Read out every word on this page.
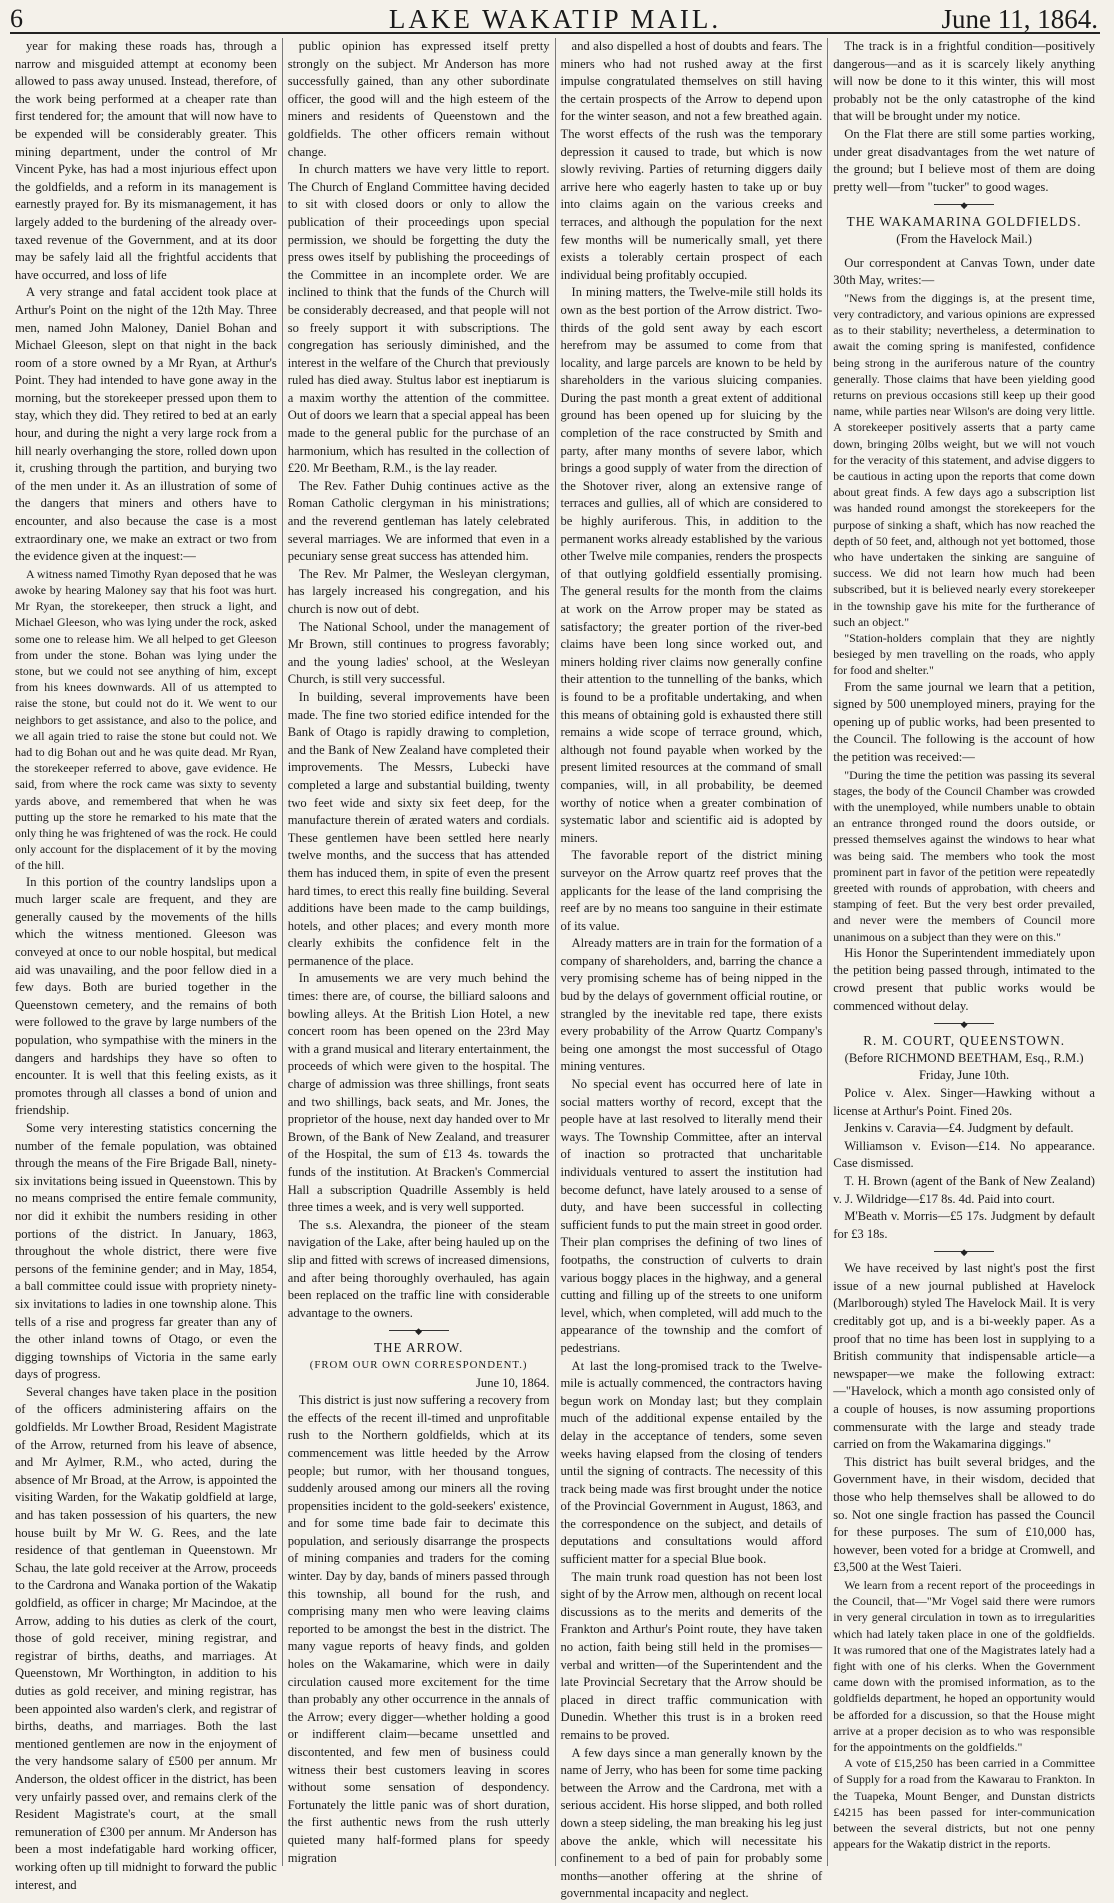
6	LAKE WAKATIP MAIL.	June 11, 1864.

year for making these roads has, through a narrow and misguided attempt at economy been allowed to pass away unused. Instead, therefore, of the work being performed at a cheaper rate than first tendered for; the amount that will now have to be expended will be considerably greater. This mining department, under the control of Mr Vincent Pyke, has had a most injurious effect upon the goldfields, and a reform in its management is earnestly prayed for. By its mismanagement, it has largely added to the burdening of the already over-taxed revenue of the Government, and at its door may be safely laid all the frightful accidents that have occurred, and loss of life

A very strange and fatal accident took place at Arthur's Point on the night of the 12th May. Three men, named John Maloney, Daniel Bohan and Michael Gleeson, slept on that night in the back room of a store owned by a Mr Ryan, at Arthur's Point. They had intended to have gone away in the morning, but the storekeeper pressed upon them to stay, which they did. They retired to bed at an early hour, and during the night a very large rock from a hill nearly overhanging the store, rolled down upon it, crushing through the partition, and burying two of the men under it. As an illustration of some of the dangers that miners and others have to encounter, and also because the case is a most extraordinary one, we make an extract or two from the evidence given at the inquest:—

A witness named Timothy Ryan deposed that he was awoke by hearing Maloney say that his foot was hurt. Mr Ryan, the storekeeper, then struck a light, and Michael Gleeson, who was lying under the rock, asked some one to release him. We all helped to get Gleeson from under the stone. Bohan was lying under the stone, but we could not see anything of him, except from his knees downwards. All of us attempted to raise the stone, but could not do it. We went to our neighbors to get assistance, and also to the police, and we all again tried to raise the stone but could not. We had to dig Bohan out and he was quite dead. Mr Ryan, the storekeeper referred to above, gave evidence. He said, from where the rock came was sixty to seventy yards above, and remembered that when he was putting up the store he remarked to his mate that the only thing he was frightened of was the rock. He could only account for the displacement of it by the moving of the hill.

In this portion of the country landslips upon a much larger scale are frequent, and they are generally caused by the movements of the hills which the witness mentioned. Gleeson was conveyed at once to our noble hospital, but medical aid was unavailing, and the poor fellow died in a few days. Both are buried together in the Queenstown cemetery, and the remains of both were followed to the grave by large numbers of the population, who sympathise with the miners in the dangers and hardships they have so often to encounter. It is well that this feeling exists, as it promotes through all classes a bond of union and friendship.

Some very interesting statistics concerning the number of the female population, was obtained through the means of the Fire Brigade Ball, ninety-six invitations being issued in Queenstown. This by no means comprised the entire female community, nor did it exhibit the numbers residing in other portions of the district. In January, 1863, throughout the whole district, there were five persons of the feminine gender; and in May, 1854, a ball committee could issue with propriety ninety-six invitations to ladies in one township alone. This tells of a rise and progress far greater than any of the other inland towns of Otago, or even the digging townships of Victoria in the same early days of progress.

Several changes have taken place in the position of the officers administering affairs on the goldfields. Mr Lowther Broad, Resident Magistrate of the Arrow, returned from his leave of absence, and Mr Aylmer, R.M., who acted, during the absence of Mr Broad, at the Arrow, is appointed the visiting Warden, for the Wakatip goldfield at large, and has taken possession of his quarters, the new house built by Mr W. G. Rees, and the late residence of that gentleman in Queenstown. Mr Schau, the late gold receiver at the Arrow, proceeds to the Cardrona and Wanaka portion of the Wakatip goldfield, as officer in charge; Mr Macindoe, at the Arrow, adding to his duties as clerk of the court, those of gold receiver, mining registrar, and registrar of births, deaths, and marriages. At Queenstown, Mr Worthington, in addition to his duties as gold receiver, and mining registrar, has been appointed also warden's clerk, and registrar of births, deaths, and marriages. Both the last mentioned gentlemen are now in the enjoyment of the very handsome salary of £500 per annum. Mr Anderson, the oldest officer in the district, has been very unfairly passed over, and remains clerk of the Resident Magistrate's court, at the small remuneration of £300 per annum. Mr Anderson has been a most indefatigable hard working officer, working often up till midnight to forward the public interest, and

public opinion has expressed itself pretty strongly on the subject. Mr Anderson has more successfully gained, than any other subordinate officer, the good will and the high esteem of the miners and residents of Queenstown and the goldfields. The other officers remain without change.

In church matters we have very little to report. The Church of England Committee having decided to sit with closed doors or only to allow the publication of their proceedings upon special permission, we should be forgetting the duty the press owes itself by publishing the proceedings of the Committee in an incomplete order. We are inclined to think that the funds of the Church will be considerably decreased, and that people will not so freely support it with subscriptions. The congregation has seriously diminished, and the interest in the welfare of the Church that previously ruled has died away. Stultus labor est ineptiarum is a maxim worthy the attention of the committee. Out of doors we learn that a special appeal has been made to the general public for the purchase of an harmonium, which has resulted in the collection of £20. Mr Beetham, R.M., is the lay reader.

The Rev. Father Duhig continues active as the Roman Catholic clergyman in his ministrations; and the reverend gentleman has lately celebrated several marriages. We are informed that even in a pecuniary sense great success has attended him.

The Rev. Mr Palmer, the Wesleyan clergyman, has largely increased his congregation, and his church is now out of debt.

The National School, under the management of Mr Brown, still continues to progress favorably; and the young ladies' school, at the Wesleyan Church, is still very successful.

In building, several improvements have been made. The fine two storied edifice intended for the Bank of Otago is rapidly drawing to completion, and the Bank of New Zealand have completed their improvements. The Messrs, Lubecki have completed a large and substantial building, twenty two feet wide and sixty six feet deep, for the manufacture therein of ærated waters and cordials. These gentlemen have been settled here nearly twelve months, and the success that has attended them has induced them, in spite of even the present hard times, to erect this really fine building. Several additions have been made to the camp buildings, hotels, and other places; and every month more clearly exhibits the confidence felt in the permanence of the place.

In amusements we are very much behind the times: there are, of course, the billiard saloons and bowling alleys. At the British Lion Hotel, a new concert room has been opened on the 23rd May with a grand musical and literary entertainment, the proceeds of which were given to the hospital. The charge of admission was three shillings, front seats and two shillings, back seats, and Mr. Jones, the proprietor of the house, next day handed over to Mr Brown, of the Bank of New Zealand, and treasurer of the Hospital, the sum of £13 4s. towards the funds of the institution. At Bracken's Commercial Hall a subscription Quadrille Assembly is held three times a week, and is very well supported.

The s.s. Alexandra, the pioneer of the steam navigation of the Lake, after being hauled up on the slip and fitted with screws of increased dimensions, and after being thoroughly overhauled, has again been replaced on the traffic line with considerable advantage to the owners.

◆

THE ARROW.

(FROM OUR OWN CORRESPONDENT.)

June 10, 1864.

This district is just now suffering a recovery from the effects of the recent ill-timed and unprofitable rush to the Northern goldfields, which at its commencement was little heeded by the Arrow people; but rumor, with her thousand tongues, suddenly aroused among our miners all the roving propensities incident to the gold-seekers' existence, and for some time bade fair to decimate this population, and seriously disarrange the prospects of mining companies and traders for the coming winter. Day by day, bands of miners passed through this township, all bound for the rush, and comprising many men who were leaving claims reported to be amongst the best in the district. The many vague reports of heavy finds, and golden holes on the Wakamarine, which were in daily circulation caused more excitement for the time than probably any other occurrence in the annals of the Arrow; every digger—whether holding a good or indifferent claim—became unsettled and discontented, and few men of business could witness their best customers leaving in scores without some sensation of despondency. Fortunately the little panic was of short duration, the first authentic news from the rush utterly quieted many half-formed plans for speedy migration

and also dispelled a host of doubts and fears. The miners who had not rushed away at the first impulse congratulated themselves on still having the certain prospects of the Arrow to depend upon for the winter season, and not a few breathed again. The worst effects of the rush was the temporary depression it caused to trade, but which is now slowly reviving. Parties of returning diggers daily arrive here who eagerly hasten to take up or buy into claims again on the various creeks and terraces, and although the population for the next few months will be numerically small, yet there exists a tolerably certain prospect of each individual being profitably occupied.

In mining matters, the Twelve-mile still holds its own as the best portion of the Arrow district. Two-thirds of the gold sent away by each escort herefrom may be assumed to come from that locality, and large parcels are known to be held by shareholders in the various sluicing companies. During the past month a great extent of additional ground has been opened up for sluicing by the completion of the race constructed by Smith and party, after many months of severe labor, which brings a good supply of water from the direction of the Shotover river, along an extensive range of terraces and gullies, all of which are considered to be highly auriferous. This, in addition to the permanent works already established by the various other Twelve mile companies, renders the prospects of that outlying goldfield essentially promising. The general results for the month from the claims at work on the Arrow proper may be stated as satisfactory; the greater portion of the river-bed claims have been long since worked out, and miners holding river claims now generally confine their attention to the tunnelling of the banks, which is found to be a profitable undertaking, and when this means of obtaining gold is exhausted there still remains a wide scope of terrace ground, which, although not found payable when worked by the present limited resources at the command of small companies, will, in all probability, be deemed worthy of notice when a greater combination of systematic labor and scientific aid is adopted by miners.

The favorable report of the district mining surveyor on the Arrow quartz reef proves that the applicants for the lease of the land comprising the reef are by no means too sanguine in their estimate of its value.

Already matters are in train for the formation of a company of shareholders, and, barring the chance a very promising scheme has of being nipped in the bud by the delays of government official routine, or strangled by the inevitable red tape, there exists every probability of the Arrow Quartz Company's being one amongst the most successful of Otago mining ventures.

No special event has occurred here of late in social matters worthy of record, except that the people have at last resolved to literally mend their ways. The Township Committee, after an interval of inaction so protracted that uncharitable individuals ventured to assert the institution had become defunct, have lately aroused to a sense of duty, and have been successful in collecting sufficient funds to put the main street in good order. Their plan comprises the defining of two lines of footpaths, the construction of culverts to drain various boggy places in the highway, and a general cutting and filling up of the streets to one uniform level, which, when completed, will add much to the appearance of the township and the comfort of pedestrians.

At last the long-promised track to the Twelve-mile is actually commenced, the contractors having begun work on Monday last; but they complain much of the additional expense entailed by the delay in the acceptance of tenders, some seven weeks having elapsed from the closing of tenders until the signing of contracts. The necessity of this track being made was first brought under the notice of the Provincial Government in August, 1863, and the correspondence on the subject, and details of deputations and consultations would afford sufficient matter for a special Blue book.

The main trunk road question has not been lost sight of by the Arrow men, although on recent local discussions as to the merits and demerits of the Frankton and Arthur's Point route, they have taken no action, faith being still held in the promises—verbal and written—of the Superintendent and the late Provincial Secretary that the Arrow should be placed in direct traffic communication with Dunedin. Whether this trust is in a broken reed remains to be proved.

A few days since a man generally known by the name of Jerry, who has been for some time packing between the Arrow and the Cardrona, met with a serious accident. His horse slipped, and both rolled down a steep sideling, the man breaking his leg just above the ankle, which will necessitate his confinement to a bed of pain for probably some months—another offering at the shrine of governmental incapacity and neglect.

The track is in a frightful condition—positively dangerous—and as it is scarcely likely anything will now be done to it this winter, this will most probably not be the only catastrophe of the kind that will be brought under my notice.

On the Flat there are still some parties working, under great disadvantages from the wet nature of the ground; but I believe most of them are doing pretty well—from "tucker" to good wages.

◆

THE WAKAMARINA GOLDFIELDS.

(From the Havelock Mail.)

Our correspondent at Canvas Town, under date 30th May, writes:—

"News from the diggings is, at the present time, very contradictory, and various opinions are expressed as to their stability; nevertheless, a determination to await the coming spring is manifested, confidence being strong in the auriferous nature of the country generally. Those claims that have been yielding good returns on previous occasions still keep up their good name, while parties near Wilson's are doing very little. A storekeeper positively asserts that a party came down, bringing 20lbs weight, but we will not vouch for the veracity of this statement, and advise diggers to be cautious in acting upon the reports that come down about great finds. A few days ago a subscription list was handed round amongst the storekeepers for the purpose of sinking a shaft, which has now reached the depth of 50 feet, and, although not yet bottomed, those who have undertaken the sinking are sanguine of success. We did not learn how much had been subscribed, but it is believed nearly every storekeeper in the township gave his mite for the furtherance of such an object."

"Station-holders complain that they are nightly besieged by men travelling on the roads, who apply for food and shelter."

From the same journal we learn that a petition, signed by 500 unemployed miners, praying for the opening up of public works, had been presented to the Council. The following is the account of how the petition was received:—

"During the time the petition was passing its several stages, the body of the Council Chamber was crowded with the unemployed, while numbers unable to obtain an entrance thronged round the doors outside, or pressed themselves against the windows to hear what was being said. The members who took the most prominent part in favor of the petition were repeatedly greeted with rounds of approbation, with cheers and stamping of feet. But the very best order prevailed, and never were the members of Council more unanimous on a subject than they were on this."

His Honor the Superintendent immediately upon the petition being passed through, intimated to the crowd present that public works would be commenced without delay.

◆

R. M. COURT, QUEENSTOWN.

(Before RICHMOND BEETHAM, Esq., R.M.)

Friday, June 10th.

Police v. Alex. Singer—Hawking without a license at Arthur's Point. Fined 20s.

Jenkins v. Caravia—£4. Judgment by default.

Williamson v. Evison—£14. No appearance. Case dismissed.

T. H. Brown (agent of the Bank of New Zealand) v. J. Wildridge—£17 8s. 4d. Paid into court.

M'Beath v. Morris—£5 17s. Judgment by default for £3 18s.

◆

We have received by last night's post the first issue of a new journal published at Havelock (Marlborough) styled The Havelock Mail. It is very creditably got up, and is a bi-weekly paper. As a proof that no time has been lost in supplying to a British community that indispensable article—a newspaper—we make the following extract:—"Havelock, which a month ago consisted only of a couple of houses, is now assuming proportions commensurate with the large and steady trade carried on from the Wakamarina diggings."

This district has built several bridges, and the Government have, in their wisdom, decided that those who help themselves shall be allowed to do so. Not one single fraction has passed the Council for these purposes. The sum of £10,000 has, however, been voted for a bridge at Cromwell, and £3,500 at the West Taieri.

We learn from a recent report of the proceedings in the Council, that—"Mr Vogel said there were rumors in very general circulation in town as to irregularities which had lately taken place in one of the goldfields. It was rumored that one of the Magistrates lately had a fight with one of his clerks. When the Government came down with the promised information, as to the goldfields department, he hoped an opportunity would be afforded for a discussion, so that the House might arrive at a proper decision as to who was responsible for the appointments on the goldfields."

A vote of £15,250 has been carried in a Committee of Supply for a road from the Kawarau to Frankton. In the Tuapeka, Mount Benger, and Dunstan districts £4215 has been passed for inter-communication between the several districts, but not one penny appears for the Wakatip district in the reports.
